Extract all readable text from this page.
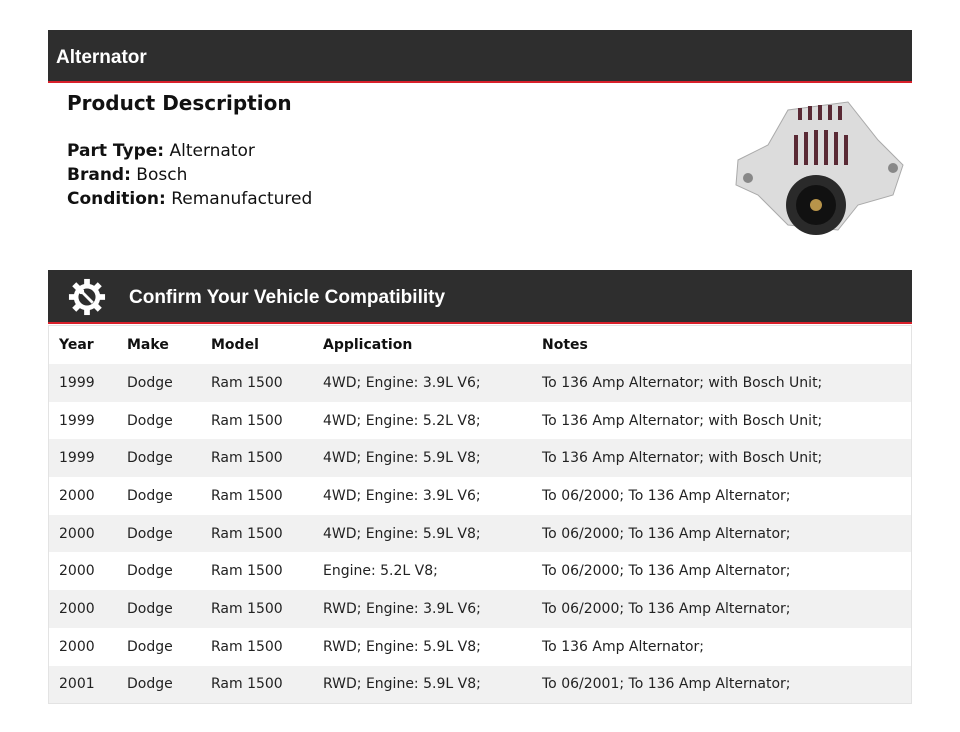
Alternator
Product Description
Part Type: Alternator
Brand: Bosch
Condition: Remanufactured
Confirm Your Vehicle Compatibility
Year	Make	Model	Application	Notes
1999	Dodge	Ram 1500	4WD; Engine: 3.9L V6;	To 136 Amp Alternator; with Bosch Unit;
1999	Dodge	Ram 1500	4WD; Engine: 5.2L V8;	To 136 Amp Alternator; with Bosch Unit;
1999	Dodge	Ram 1500	4WD; Engine: 5.9L V8;	To 136 Amp Alternator; with Bosch Unit;
2000	Dodge	Ram 1500	4WD; Engine: 3.9L V6;	To 06/2000; To 136 Amp Alternator;
2000	Dodge	Ram 1500	4WD; Engine: 5.9L V8;	To 06/2000; To 136 Amp Alternator;
2000	Dodge	Ram 1500	Engine: 5.2L V8;	To 06/2000; To 136 Amp Alternator;
2000	Dodge	Ram 1500	RWD; Engine: 3.9L V6;	To 06/2000; To 136 Amp Alternator;
2000	Dodge	Ram 1500	RWD; Engine: 5.9L V8;	To 136 Amp Alternator;
2001	Dodge	Ram 1500	RWD; Engine: 5.9L V8;	To 06/2001; To 136 Amp Alternator;
